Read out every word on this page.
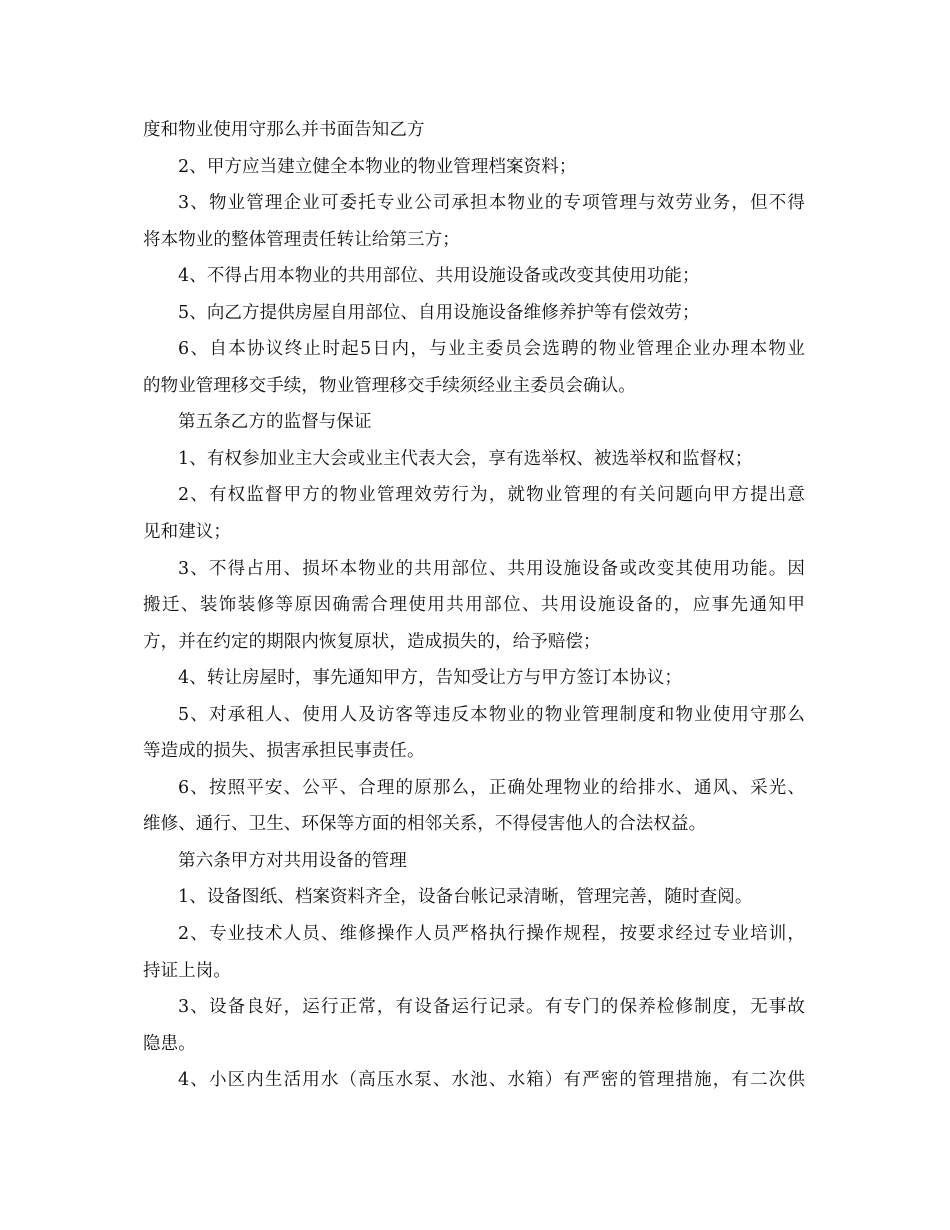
度和物业使用守那么并书面告知乙方
2、甲方应当建立健全本物业的物业管理档案资料；
3、物业管理企业可委托专业公司承担本物业的专项管理与效劳业务，但不得
将本物业的整体管理责任转让给第三方；
4、不得占用本物业的共用部位、共用设施设备或改变其使用功能；
5、向乙方提供房屋自用部位、自用设施设备维修养护等有偿效劳；
6、自本协议终止时起5日内，与业主委员会选聘的物业管理企业办理本物业
的物业管理移交手续，物业管理移交手续须经业主委员会确认。
第五条乙方的监督与保证
1、有权参加业主大会或业主代表大会，享有选举权、被选举权和监督权；
2、有权监督甲方的物业管理效劳行为，就物业管理的有关问题向甲方提出意
见和建议；
3、不得占用、损坏本物业的共用部位、共用设施设备或改变其使用功能。因
搬迁、装饰装修等原因确需合理使用共用部位、共用设施设备的，应事先通知甲
方，并在约定的期限内恢复原状，造成损失的，给予赔偿；
4、转让房屋时，事先通知甲方，告知受让方与甲方签订本协议；
5、对承租人、使用人及访客等违反本物业的物业管理制度和物业使用守那么
等造成的损失、损害承担民事责任。
6、按照平安、公平、合理的原那么，正确处理物业的给排水、通风、采光、
维修、通行、卫生、环保等方面的相邻关系，不得侵害他人的合法权益。
第六条甲方对共用设备的管理
1、设备图纸、档案资料齐全，设备台帐记录清晰，管理完善，随时查阅。
2、专业技术人员、维修操作人员严格执行操作规程，按要求经过专业培训，
持证上岗。
3、设备良好，运行正常，有设备运行记录。有专门的保养检修制度，无事故
隐患。
4、小区内生活用水（高压水泵、水池、水箱）有严密的管理措施，有二次供
